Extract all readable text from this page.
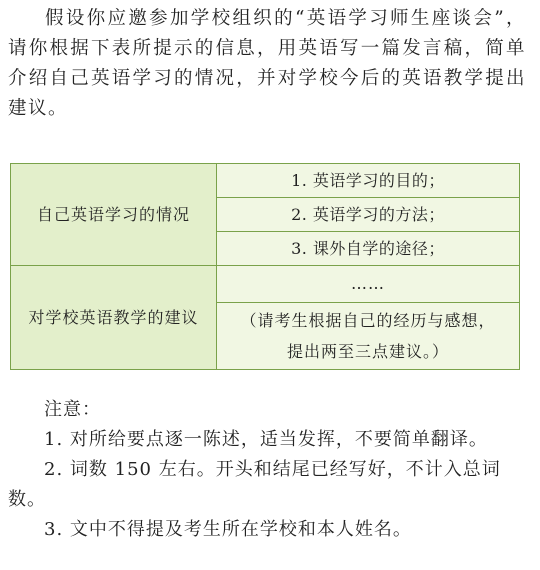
假设你应邀参加学校组织的“英语学习师生座谈会”，请你根据下表所提示的信息，用英语写一篇发言稿，简单介绍自己英语学习的情况，并对学校今后的英语教学提出建议。
自己英语学习的情况	1. 英语学习的目的；
	2. 英语学习的方法；
	3. 课外自学的途径；
对学校英语教学的建议	……

	（请考生根据自己的经历与感想，
提出两至三点建议。）

注意：

1. 对所给要点逐一陈述，适当发挥，不要简单翻译。

2. 词数 150 左右。开头和结尾已经写好，不计入总词数。

3. 文中不得提及考生所在学校和本人姓名。
